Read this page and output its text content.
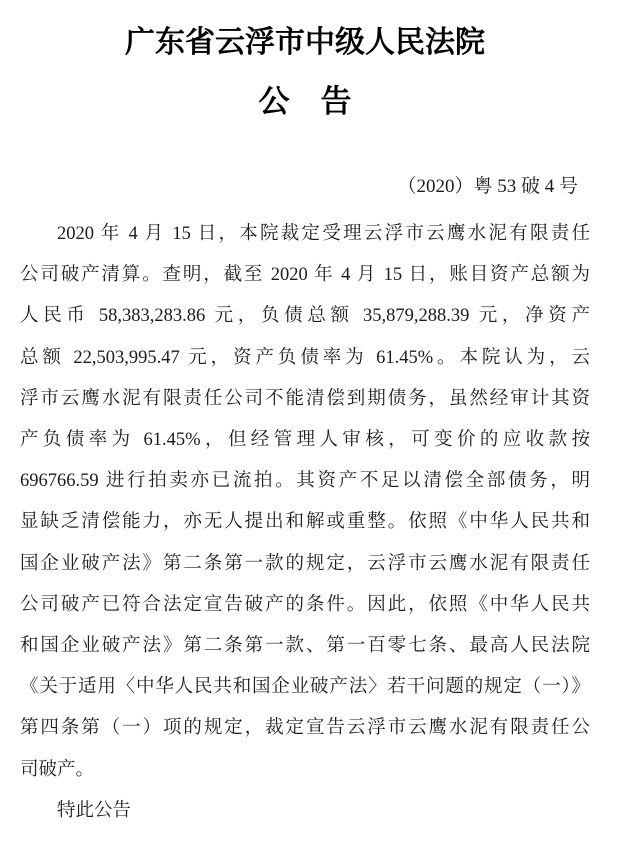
广东省云浮市中级人民法院
公　告
（2020）粤 53 破 4 号
2020 年 4 月 15 日，本院裁定受理云浮市云鹰水泥有限责任
公司破产清算。查明，截至 2020 年 4 月 15 日，账目资产总额为
人民币 58,383,283.86 元，负债总额 35,879,288.39 元，净资产
总额 22,503,995.47 元，资产负债率为 61.45%。本院认为，云
浮市云鹰水泥有限责任公司不能清偿到期债务，虽然经审计其资
产负债率为 61.45%，但经管理人审核，可变价的应收款按
696766.59 进行拍卖亦已流拍。其资产不足以清偿全部债务，明
显缺乏清偿能力，亦无人提出和解或重整。依照《中华人民共和
国企业破产法》第二条第一款的规定，云浮市云鹰水泥有限责任
公司破产已符合法定宣告破产的条件。因此，依照《中华人民共
和国企业破产法》第二条第一款、第一百零七条、最高人民法院
《关于适用〈中华人民共和国企业破产法〉若干问题的规定（一）》
第四条第（一）项的规定，裁定宣告云浮市云鹰水泥有限责任公
司破产。
特此公告
